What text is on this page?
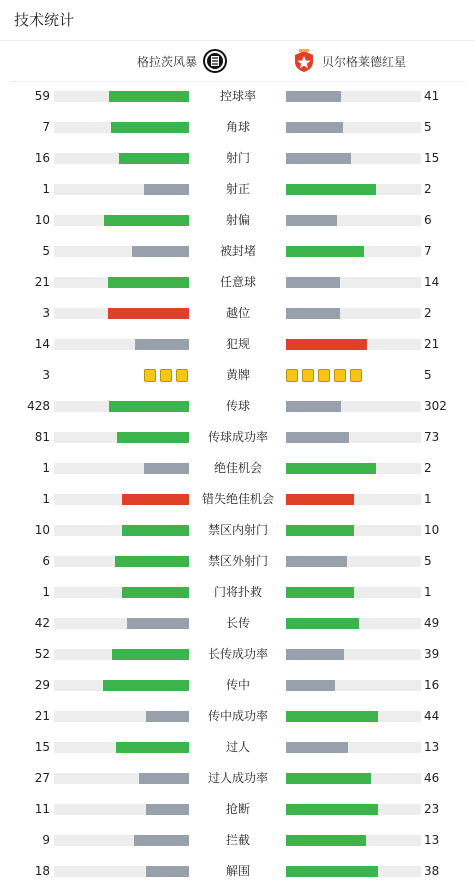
技术统计
格拉茨风暴	贝尔格莱德红星
59	控球率	41
7	角球	5
16	射门	15
1	射正	2
10	射偏	6
5	被封堵	7
21	任意球	14
3	越位	2
14	犯规	21
3	黄牌	5
428	传球	302
81	传球成功率	73
1	绝佳机会	2
1	错失绝佳机会	1
10	禁区内射门	10
6	禁区外射门	5
1	门将扑救	1
42	长传	49
52	长传成功率	39
29	传中	16
21	传中成功率	44
15	过人	13
27	过人成功率	46
11	抢断	23
9	拦截	13
18	解围	38
